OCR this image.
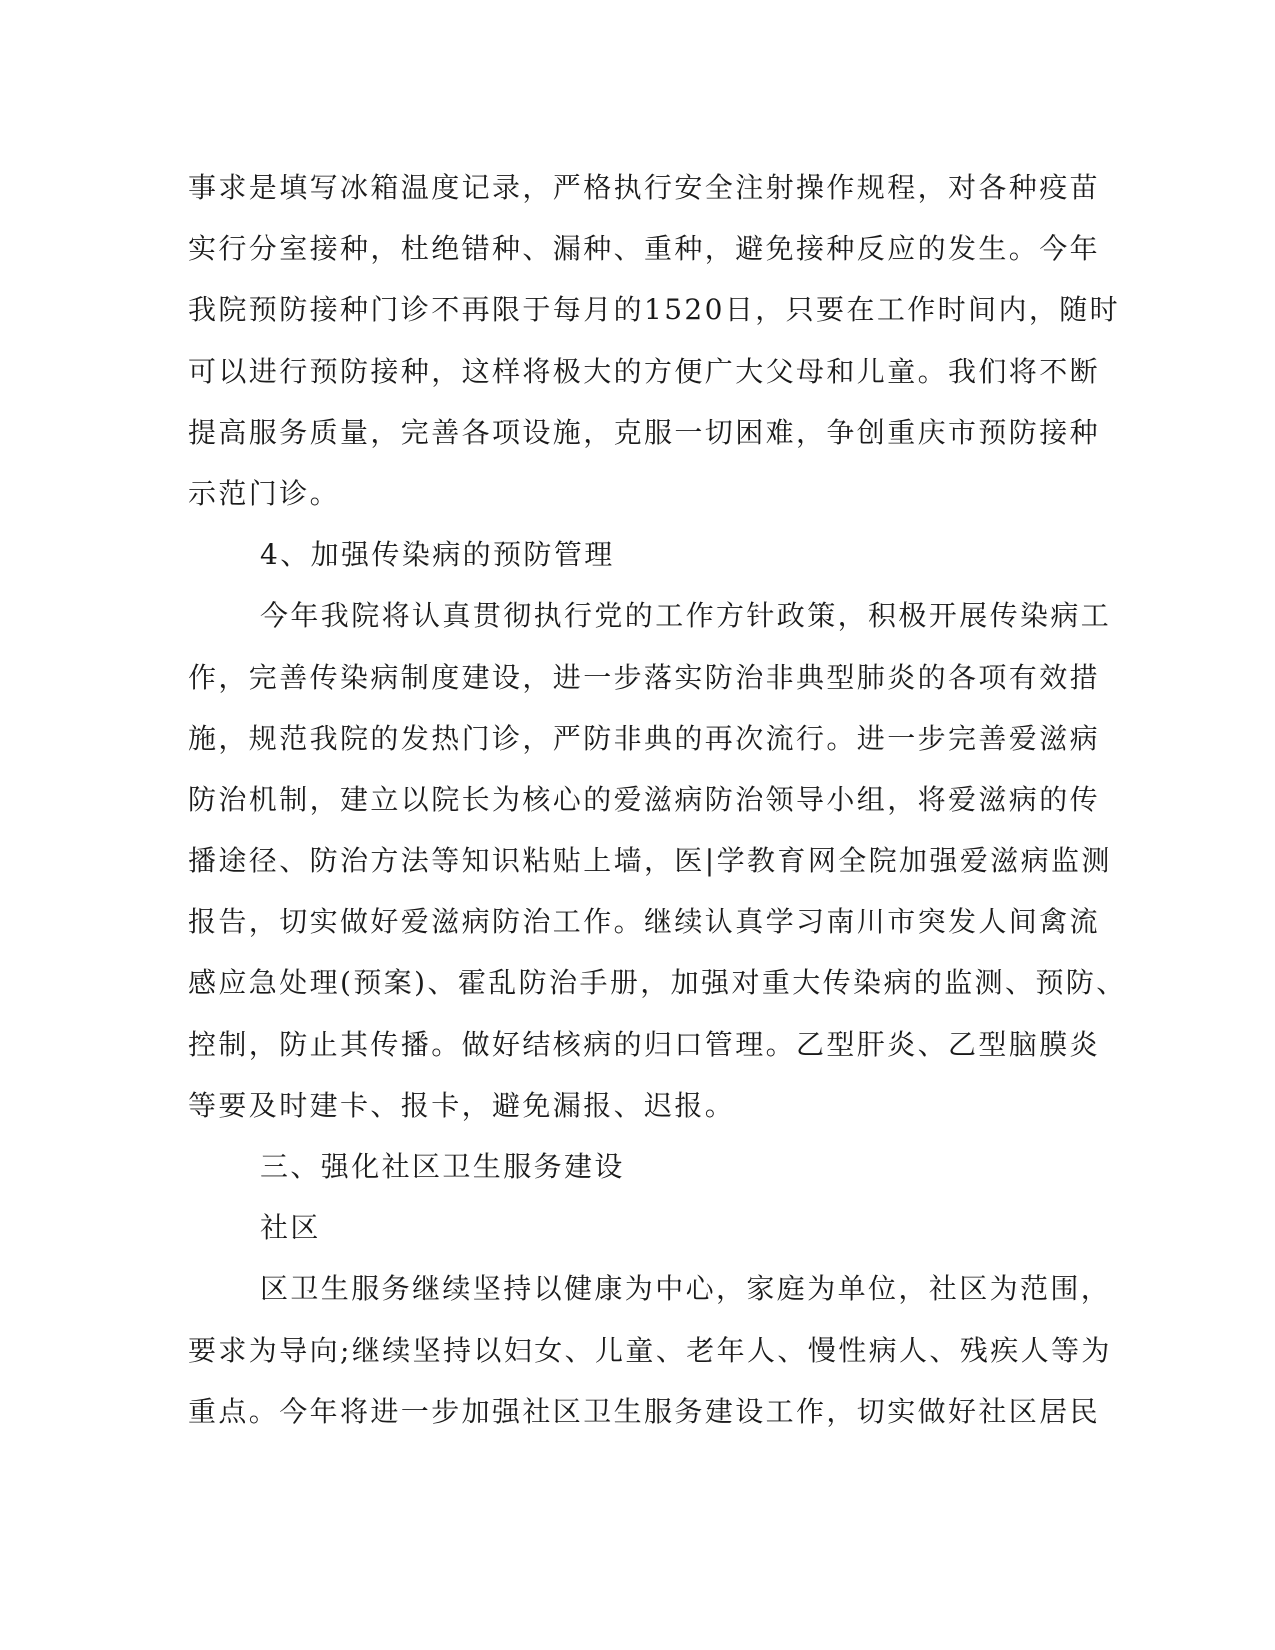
事求是填写冰箱温度记录，严格执行安全注射操作规程，对各种疫苗
实行分室接种，杜绝错种、漏种、重种，避免接种反应的发生。今年
我院预防接种门诊不再限于每月的1520日，只要在工作时间内，随时
可以进行预防接种，这样将极大的方便广大父母和儿童。我们将不断
提高服务质量，完善各项设施，克服一切困难，争创重庆市预防接种
示范门诊。
4、加强传染病的预防管理
今年我院将认真贯彻执行党的工作方针政策，积极开展传染病工
作，完善传染病制度建设，进一步落实防治非典型肺炎的各项有效措
施，规范我院的发热门诊，严防非典的再次流行。进一步完善爱滋病
防治机制，建立以院长为核心的爱滋病防治领导小组，将爱滋病的传
播途径、防治方法等知识粘贴上墙，医|学教育网全院加强爱滋病监测
报告，切实做好爱滋病防治工作。继续认真学习南川市突发人间禽流
感应急处理(预案)、霍乱防治手册，加强对重大传染病的监测、预防、
控制，防止其传播。做好结核病的归口管理。乙型肝炎、乙型脑膜炎
等要及时建卡、报卡，避免漏报、迟报。
三、强化社区卫生服务建设
社区
区卫生服务继续坚持以健康为中心，家庭为单位，社区为范围，
要求为导向;继续坚持以妇女、儿童、老年人、慢性病人、残疾人等为
重点。今年将进一步加强社区卫生服务建设工作，切实做好社区居民
